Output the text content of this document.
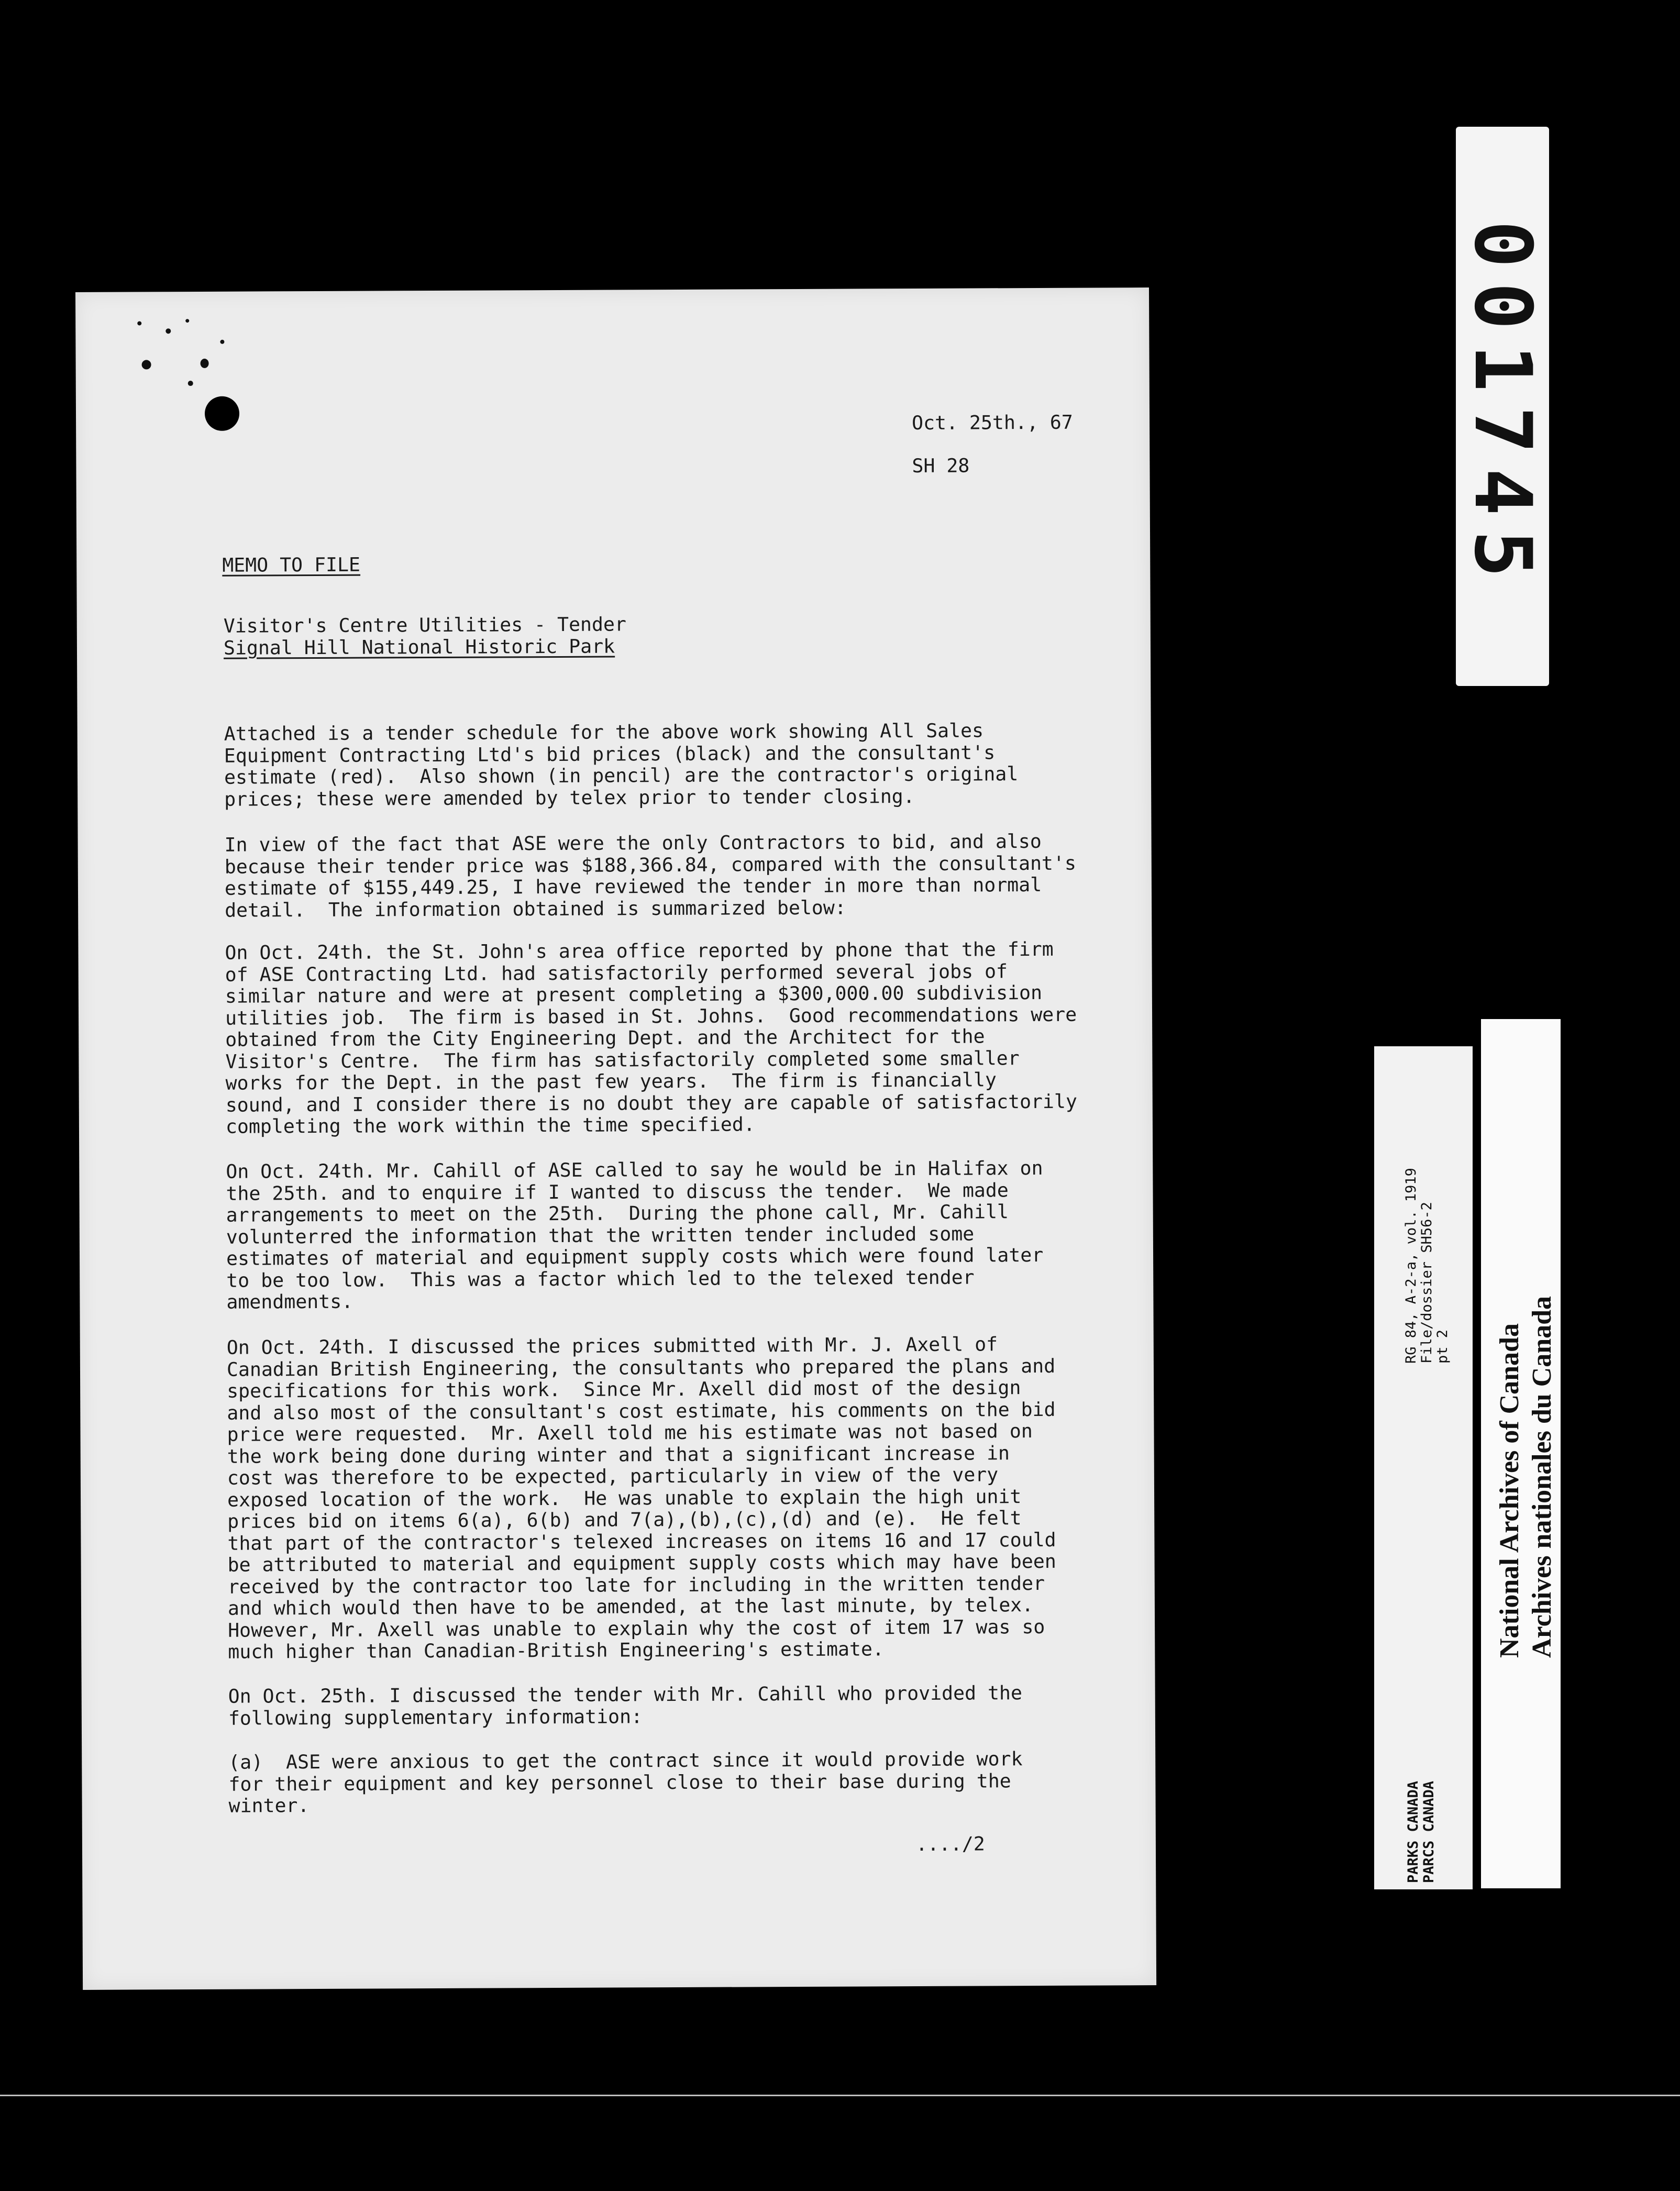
Oct. 25th., 67

SH 28

MEMO TO FILE

Visitor's Centre Utilities - Tender

Signal Hill National Historic Park

Attached is a tender schedule for the above work showing All Sales
Equipment Contracting Ltd's bid prices (black) and the consultant's
estimate (red).  Also shown (in pencil) are the contractor's original
prices; these were amended by telex prior to tender closing.

In view of the fact that ASE were the only Contractors to bid, and also
because their tender price was $188,366.84, compared with the consultant's
estimate of $155,449.25, I have reviewed the tender in more than normal
detail.  The information obtained is summarized below:

On Oct. 24th. the St. John's area office reported by phone that the firm
of ASE Contracting Ltd. had satisfactorily performed several jobs of
similar nature and were at present completing a $300,000.00 subdivision
utilities job.  The firm is based in St. Johns.  Good recommendations were
obtained from the City Engineering Dept. and the Architect for the
Visitor's Centre.  The firm has satisfactorily completed some smaller
works for the Dept. in the past few years.  The firm is financially
sound, and I consider there is no doubt they are capable of satisfactorily
completing the work within the time specified.

On Oct. 24th. Mr. Cahill of ASE called to say he would be in Halifax on
the 25th. and to enquire if I wanted to discuss the tender.  We made
arrangements to meet on the 25th.  During the phone call, Mr. Cahill
volunterred the information that the written tender included some
estimates of material and equipment supply costs which were found later
to be too low.  This was a factor which led to the telexed tender
amendments.

On Oct. 24th. I discussed the prices submitted with Mr. J. Axell of
Canadian British Engineering, the consultants who prepared the plans and
specifications for this work.  Since Mr. Axell did most of the design
and also most of the consultant's cost estimate, his comments on the bid
price were requested.  Mr. Axell told me his estimate was not based on
the work being done during winter and that a significant increase in
cost was therefore to be expected, particularly in view of the very
exposed location of the work.  He was unable to explain the high unit
prices bid on items 6(a), 6(b) and 7(a),(b),(c),(d) and (e).  He felt
that part of the contractor's telexed increases on items 16 and 17 could
be attributed to material and equipment supply costs which may have been
received by the contractor too late for including in the written tender
and which would then have to be amended, at the last minute, by telex.
However, Mr. Axell was unable to explain why the cost of item 17 was so
much higher than Canadian-British Engineering's estimate.

On Oct. 25th. I discussed the tender with Mr. Cahill who provided the
following supplementary information:

(a)  ASE were anxious to get the contract since it would provide work
for their equipment and key personnel close to their base during the
winter.

..../2

001745
RG 84, A-2-a, vol. 1919
File/dossier SH56-2
pt 2
PARKS CANADA
PARCS CANADA
National Archives of Canada
Archives nationales du Canada
